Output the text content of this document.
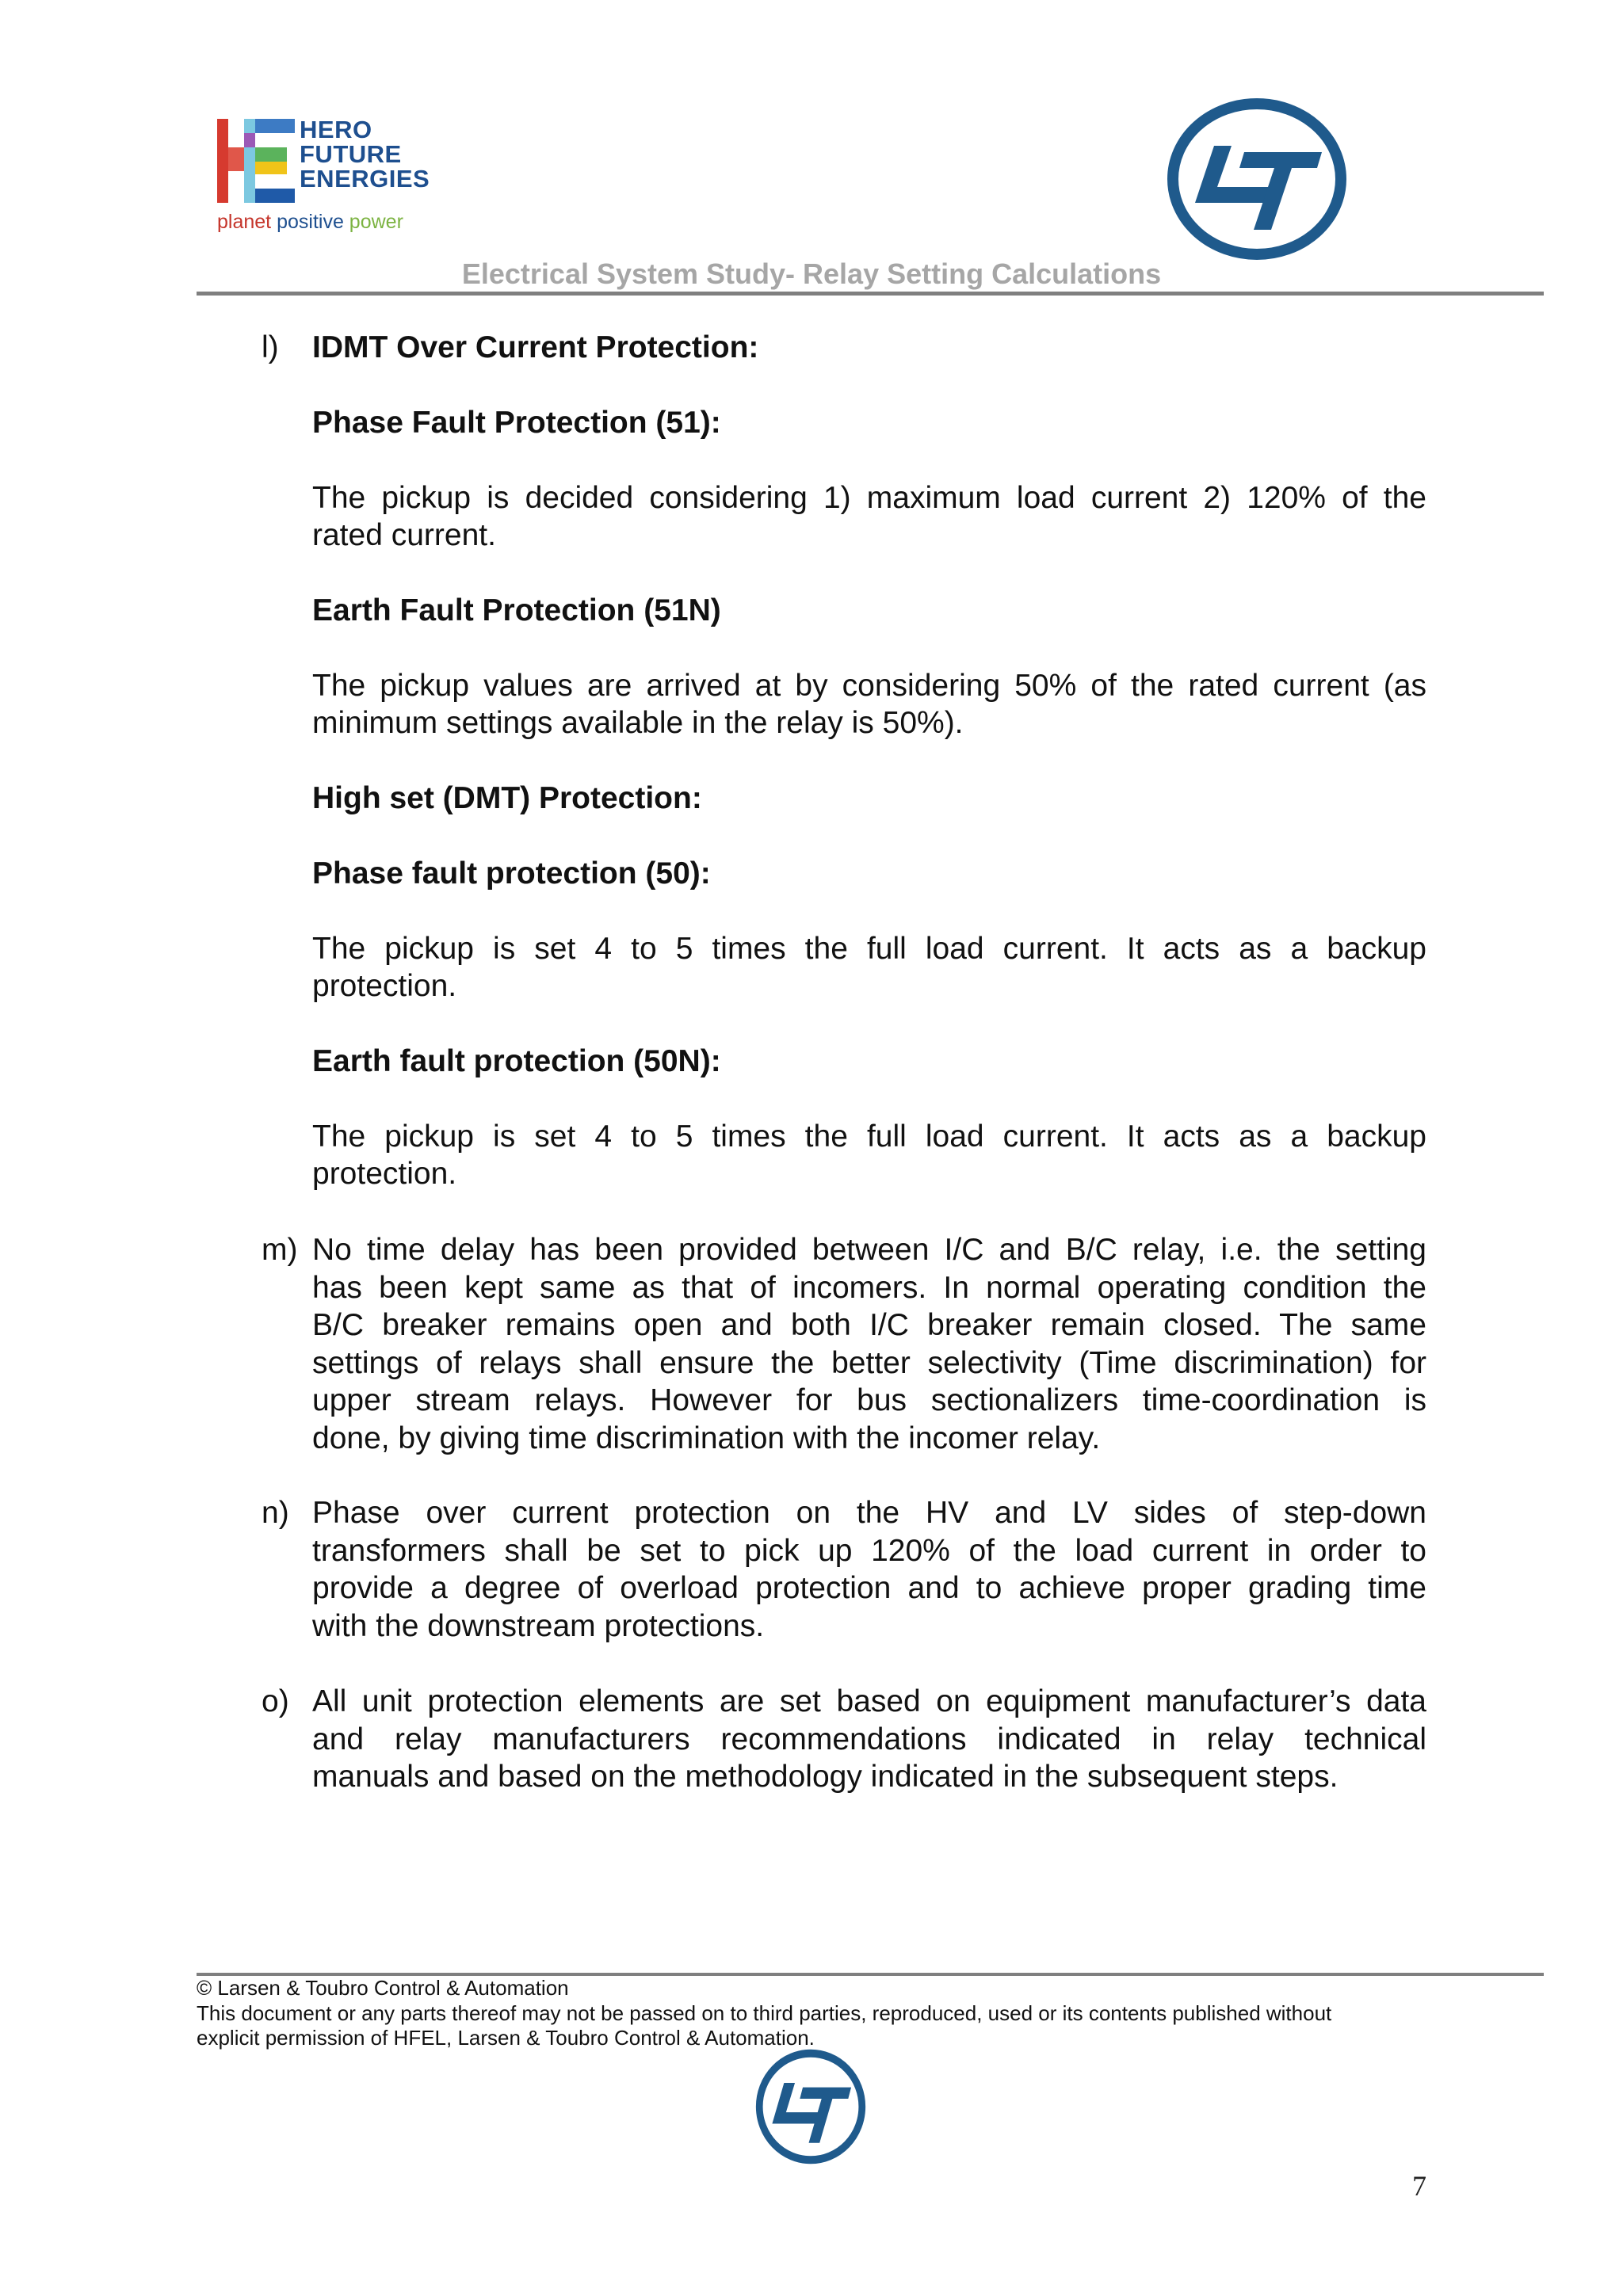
HERO
FUTURE
ENERGIES
planet positive power
Electrical System Study- Relay Setting Calculations
l) IDMT Over Current Protection:
Phase Fault Protection (51):
The pickup is decided considering 1) maximum load current 2) 120% of the
rated current.
Earth Fault Protection (51N)
The pickup values are arrived at by considering 50% of the rated current (as
minimum settings available in the relay is 50%).
High set (DMT) Protection:
Phase fault protection (50):
The pickup is set 4 to 5 times the full load current. It acts as a backup
protection.
Earth fault protection (50N):
The pickup is set 4 to 5 times the full load current. It acts as a backup
protection.
m) No time delay has been provided between I/C and B/C relay, i.e. the setting
has been kept same as that of incomers. In normal operating condition the
B/C breaker remains open and both I/C breaker remain closed. The same
settings of relays shall ensure the better selectivity (Time discrimination) for
upper stream relays. However for bus sectionalizers time-coordination is
done, by giving time discrimination with the incomer relay.
n) Phase over current protection on the HV and LV sides of step-down
transformers shall be set to pick up 120% of the load current in order to
provide a degree of overload protection and to achieve proper grading time
with the downstream protections.
o) All unit protection elements are set based on equipment manufacturer’s data
and relay manufacturers recommendations indicated in relay technical
manuals and based on the methodology indicated in the subsequent steps.
© Larsen & Toubro Control & Automation
This document or any parts thereof may not be passed on to third parties, reproduced, used or its contents published without
explicit permission of HFEL, Larsen & Toubro Control & Automation.
7
